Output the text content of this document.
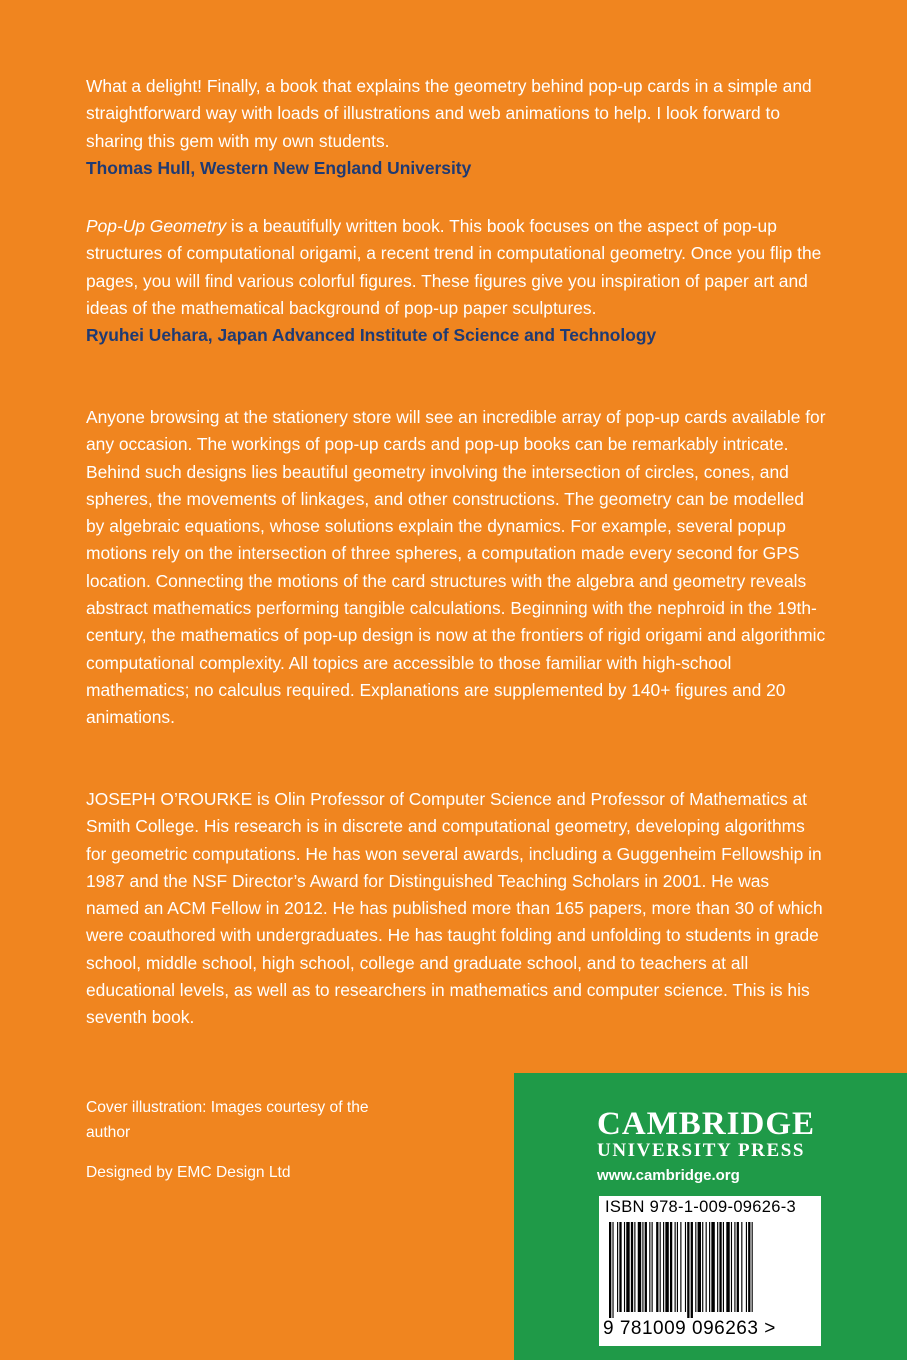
What a delight! Finally, a book that explains the geometry behind pop-up cards in a simple and straightforward way with loads of illustrations and web animations to help. I look forward to sharing this gem with my own students.

Thomas Hull, Western New England University

Pop-Up Geometry is a beautifully written book. This book focuses on the aspect of pop-up structures of computational origami, a recent trend in computational geometry. Once you flip the pages, you will find various colorful figures. These figures give you inspiration of paper art and ideas of the mathematical background of pop-up paper sculptures.

Ryuhei Uehara, Japan Advanced Institute of Science and Technology

Anyone browsing at the stationery store will see an incredible array of pop-up cards available for any occasion. The workings of pop-up cards and pop-up books can be remarkably intricate. Behind such designs lies beautiful geometry involving the intersection of circles, cones, and spheres, the movements of linkages, and other constructions. The geometry can be modelled by algebraic equations, whose solutions explain the dynamics. For example, several popup motions rely on the intersection of three spheres, a computation made every second for GPS location. Connecting the motions of the card structures with the algebra and geometry reveals abstract mathematics performing tangible calculations. Beginning with the nephroid in the 19th-century, the mathematics of pop-up design is now at the frontiers of rigid origami and algorithmic computational complexity. All topics are accessible to those familiar with high-school mathematics; no calculus required. Explanations are supplemented by 140+ figures and 20 animations.

JOSEPH O’ROURKE is Olin Professor of Computer Science and Professor of Mathematics at Smith College. His research is in discrete and computational geometry, developing algorithms for geometric computations. He has won several awards, including a Guggenheim Fellowship in 1987 and the NSF Director’s Award for Distinguished Teaching Scholars in 2001. He was named an ACM Fellow in 2012. He has published more than 165 papers, more than 30 of which were coauthored with undergraduates. He has taught folding and unfolding to students in grade school, middle school, high school, college and graduate school, and to teachers at all educational levels, as well as to researchers in mathematics and computer science. This is his seventh book.

Cover illustration: Images courtesy of the author
Designed by EMC Design Ltd
CAMBRIDGE
UNIVERSITY PRESS
www.cambridge.org
ISBN 978-1-009-09626-3
9 781009 096263 >
